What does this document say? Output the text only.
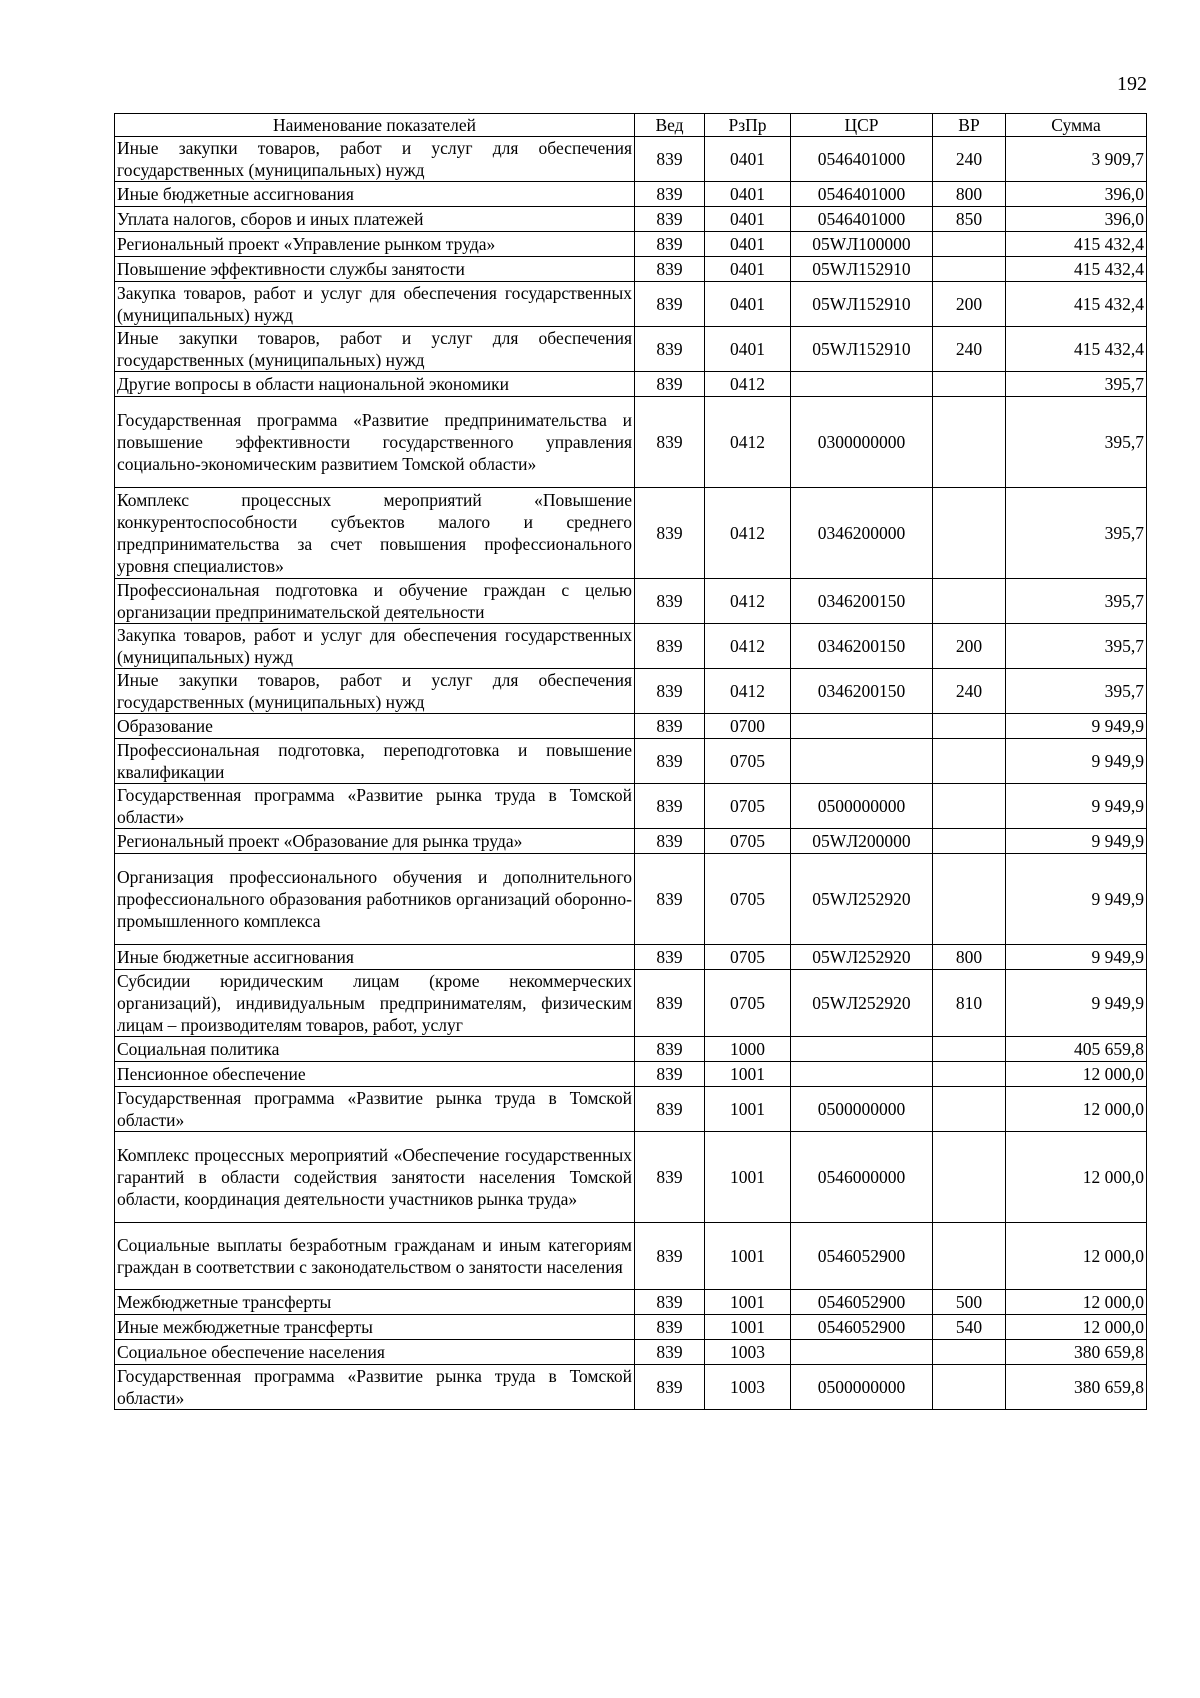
192
Наименование показателей	Вед	РзПр	ЦСР	ВР	Сумма
Иные закупки товаров, работ и услуг для обеспечения государственных (муниципальных) нужд	839	0401	0546401000	240	3 909,7
Иные бюджетные ассигнования	839	0401	0546401000	800	396,0
Уплата налогов, сборов и иных платежей	839	0401	0546401000	850	396,0
Региональный проект «Управление рынком труда»	839	0401	05WЛ100000		415 432,4
Повышение эффективности службы занятости	839	0401	05WЛ152910		415 432,4
Закупка товаров, работ и услуг для обеспечения государственных (муниципальных) нужд	839	0401	05WЛ152910	200	415 432,4
Иные закупки товаров, работ и услуг для обеспечения государственных (муниципальных) нужд	839	0401	05WЛ152910	240	415 432,4
Другие вопросы в области национальной экономики	839	0412			395,7
Государственная программа «Развитие предпринимательства и повышение эффективности государственного управления социально-экономическим развитием Томской области»	839	0412	0300000000		395,7
Комплекс процессных мероприятий «Повышение конкурентоспособности субъектов малого и среднего предпринимательства за счет повышения профессионального уровня специалистов»	839	0412	0346200000		395,7
Профессиональная подготовка и обучение граждан с целью организации предпринимательской деятельности	839	0412	0346200150		395,7
Закупка товаров, работ и услуг для обеспечения государственных (муниципальных) нужд	839	0412	0346200150	200	395,7
Иные закупки товаров, работ и услуг для обеспечения государственных (муниципальных) нужд	839	0412	0346200150	240	395,7
Образование	839	0700			9 949,9
Профессиональная подготовка, переподготовка и повышение квалификации	839	0705			9 949,9
Государственная программа «Развитие рынка труда в Томской области»	839	0705	0500000000		9 949,9
Региональный проект «Образование для рынка труда»	839	0705	05WЛ200000		9 949,9
Организация профессионального обучения и дополнительного профессионального образования работников организаций оборонно-промышленного комплекса	839	0705	05WЛ252920		9 949,9
Иные бюджетные ассигнования	839	0705	05WЛ252920	800	9 949,9
Субсидии юридическим лицам (кроме некоммерческих организаций), индивидуальным предпринимателям, физическим лицам – производителям товаров, работ, услуг	839	0705	05WЛ252920	810	9 949,9
Социальная политика	839	1000			405 659,8
Пенсионное обеспечение	839	1001			12 000,0
Государственная программа «Развитие рынка труда в Томской области»	839	1001	0500000000		12 000,0
Комплекс процессных мероприятий «Обеспечение государственных гарантий в области содействия занятости населения Томской области, координация деятельности участников рынка труда»	839	1001	0546000000		12 000,0
Социальные выплаты безработным гражданам и иным категориям граждан в соответствии с законодательством о занятости населения	839	1001	0546052900		12 000,0
Межбюджетные трансферты	839	1001	0546052900	500	12 000,0
Иные межбюджетные трансферты	839	1001	0546052900	540	12 000,0
Социальное обеспечение населения	839	1003			380 659,8
Государственная программа «Развитие рынка труда в Томской области»	839	1003	0500000000		380 659,8
